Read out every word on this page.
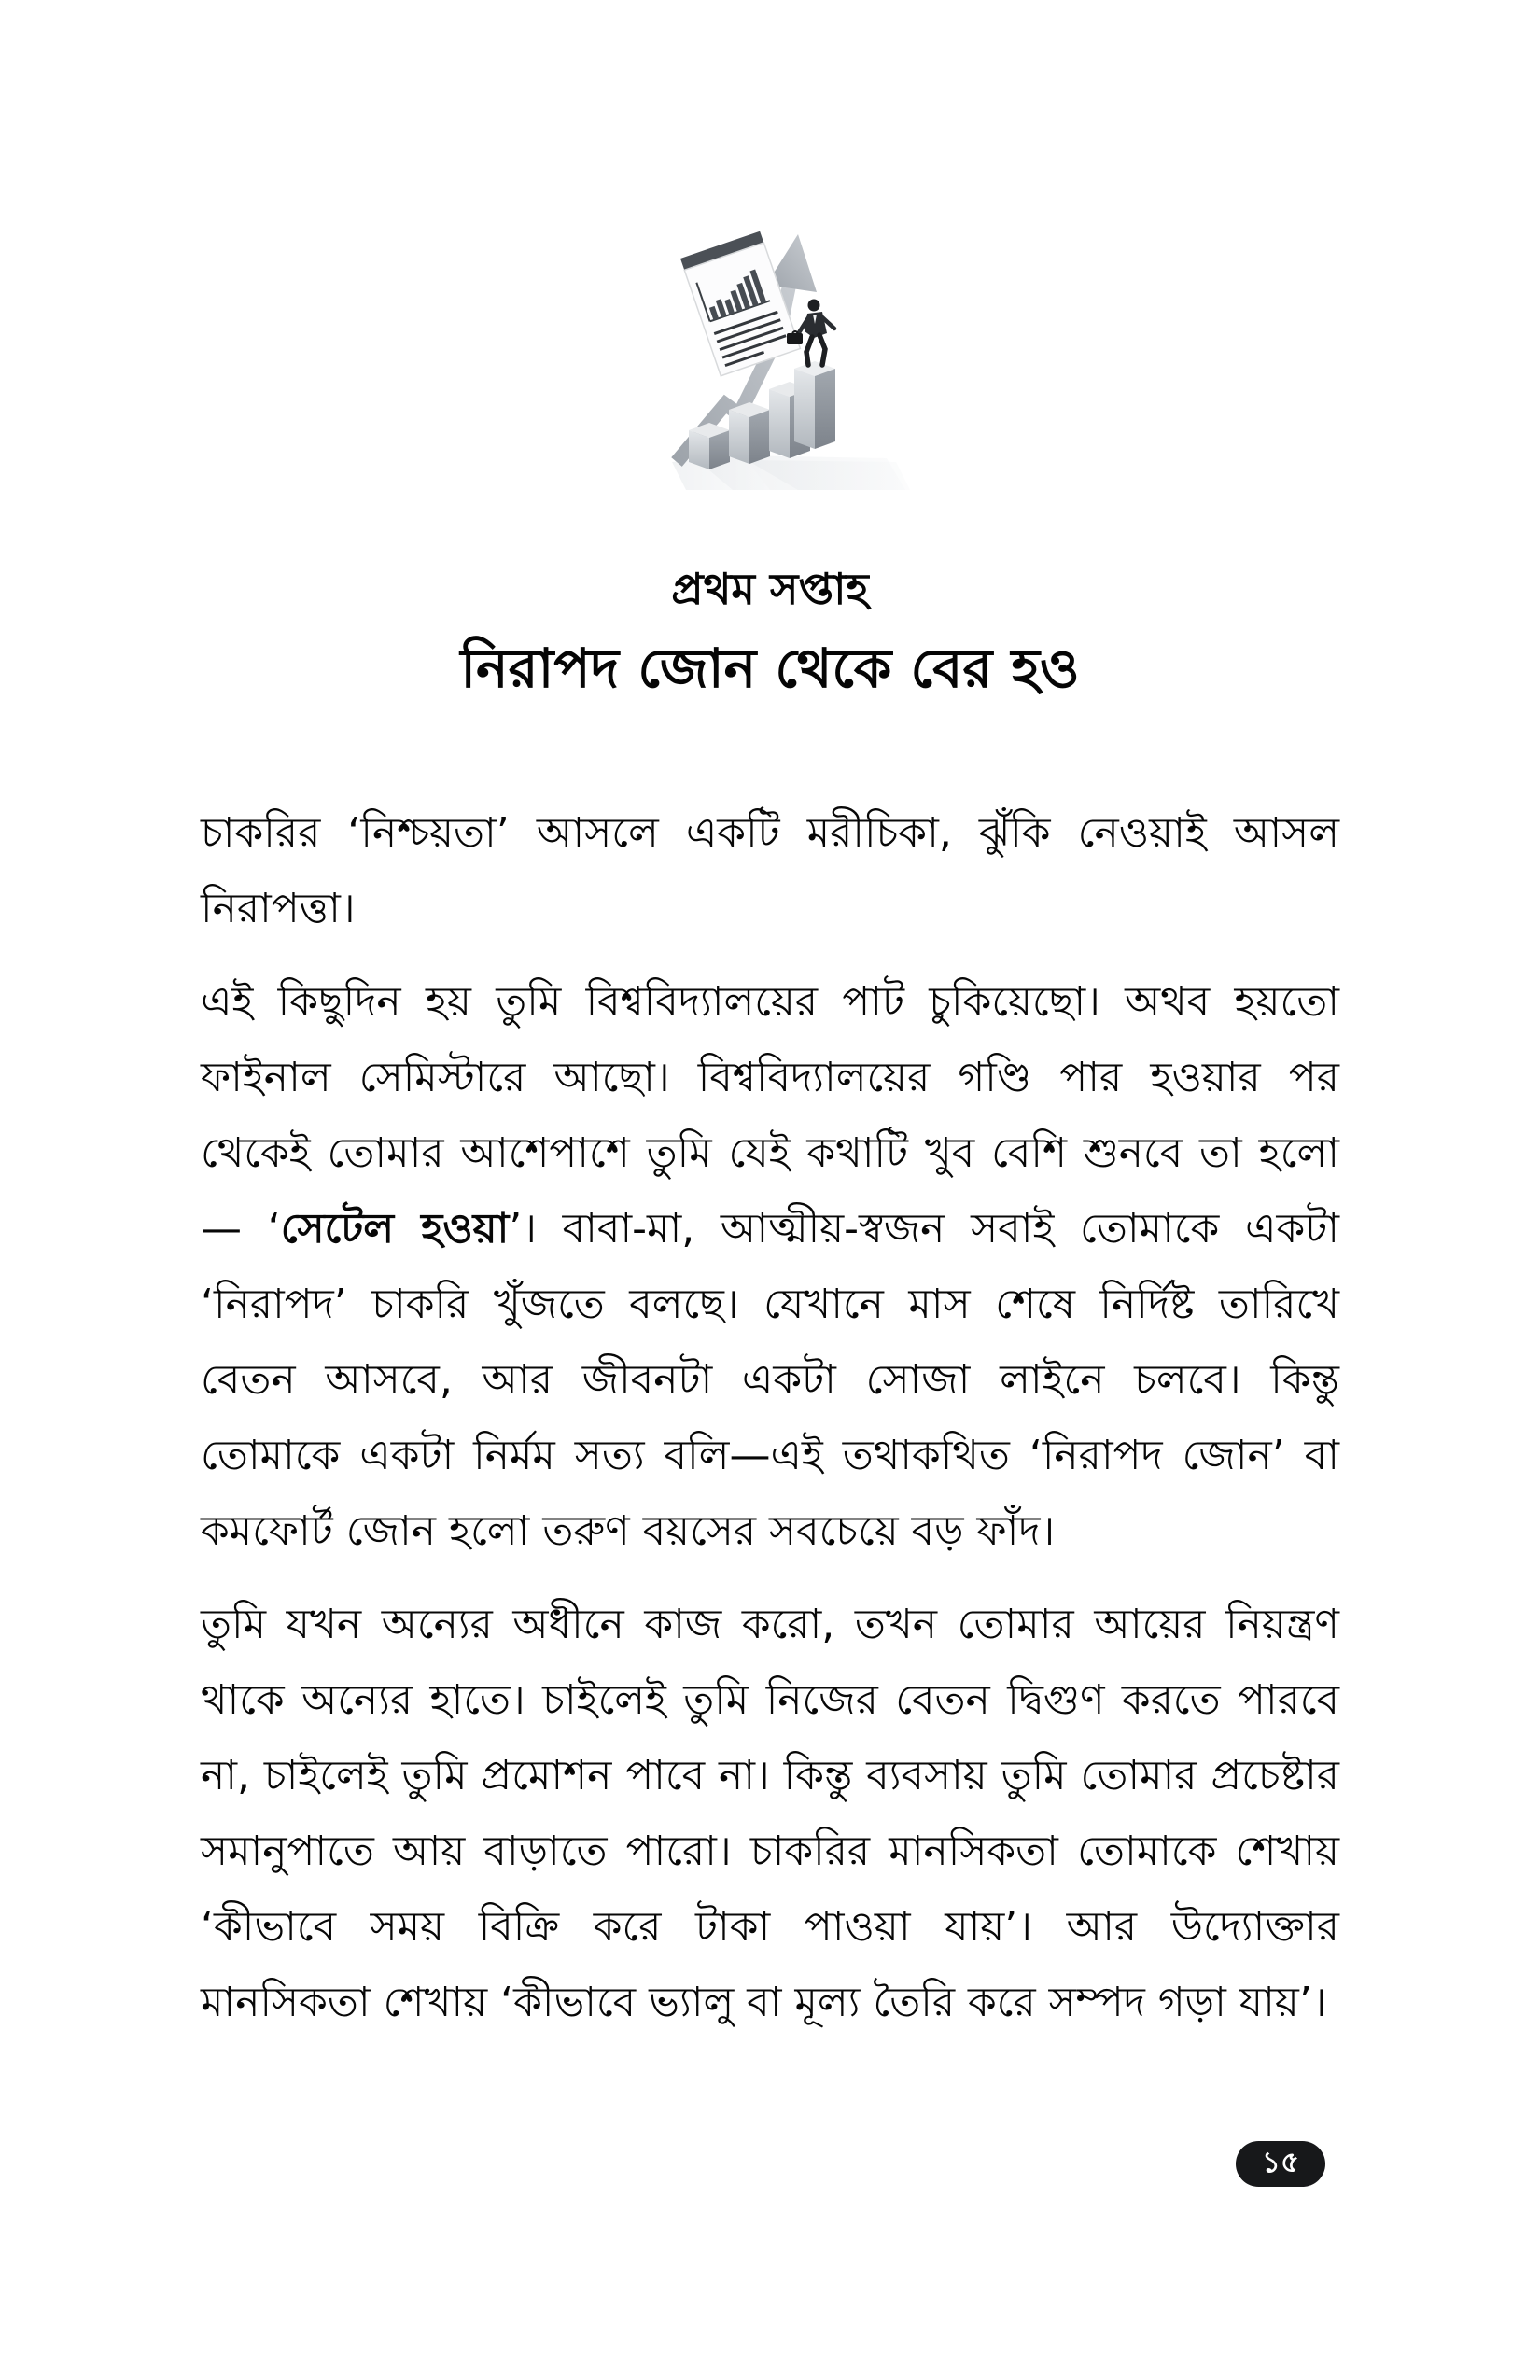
প্রথম সপ্তাহ
নিরাপদ জোন থেকে বের হও

চাকরির ‘নিশ্চয়তা’ আসলে একটি মরীচিকা, ঝুঁকি নেওয়াই আসল নিরাপত্তা।

এই কিছুদিন হয় তুমি বিশ্ববিদ্যালয়ের পাট চুকিয়েছো। অথব হয়তো ফাইনাল সেমিস্টারে আছো। বিশ্ববিদ্যালয়ের গণ্ডি পার হওয়ার পর থেকেই তোমার আশেপাশে তুমি যেই কথাটি খুব বেশি শুনবে তা হলো — ‘সেটেল হওয়া’। বাবা-মা, আত্মীয়-স্বজন সবাই তোমাকে একটা ‘নিরাপদ’ চাকরি খুঁজতে বলছে। যেখানে মাস শেষে নির্দিষ্ট তারিখে বেতন আসবে, আর জীবনটা একটা সোজা লাইনে চলবে। কিন্তু তোমাকে একটা নির্মম সত্য বলি—এই তথাকথিত ‘নিরাপদ জোন’ বা কমফোর্ট জোন হলো তরুণ বয়সের সবচেয়ে বড় ফাঁদ।

তুমি যখন অন্যের অধীনে কাজ করো, তখন তোমার আয়ের নিয়ন্ত্রণ থাকে অন্যের হাতে। চাইলেই তুমি নিজের বেতন দ্বিগুণ করতে পারবে না, চাইলেই তুমি প্রমোশন পাবে না। কিন্তু ব্যবসায় তুমি তোমার প্রচেষ্টার সমানুপাতে আয় বাড়াতে পারো। চাকরির মানসিকতা তোমাকে শেখায় ‘কীভাবে সময় বিক্রি করে টাকা পাওয়া যায়’। আর উদ্যোক্তার মানসিকতা শেখায় ‘কীভাবে ভ্যালু বা মূল্য তৈরি করে সম্পদ গড়া যায়’।

১৫
